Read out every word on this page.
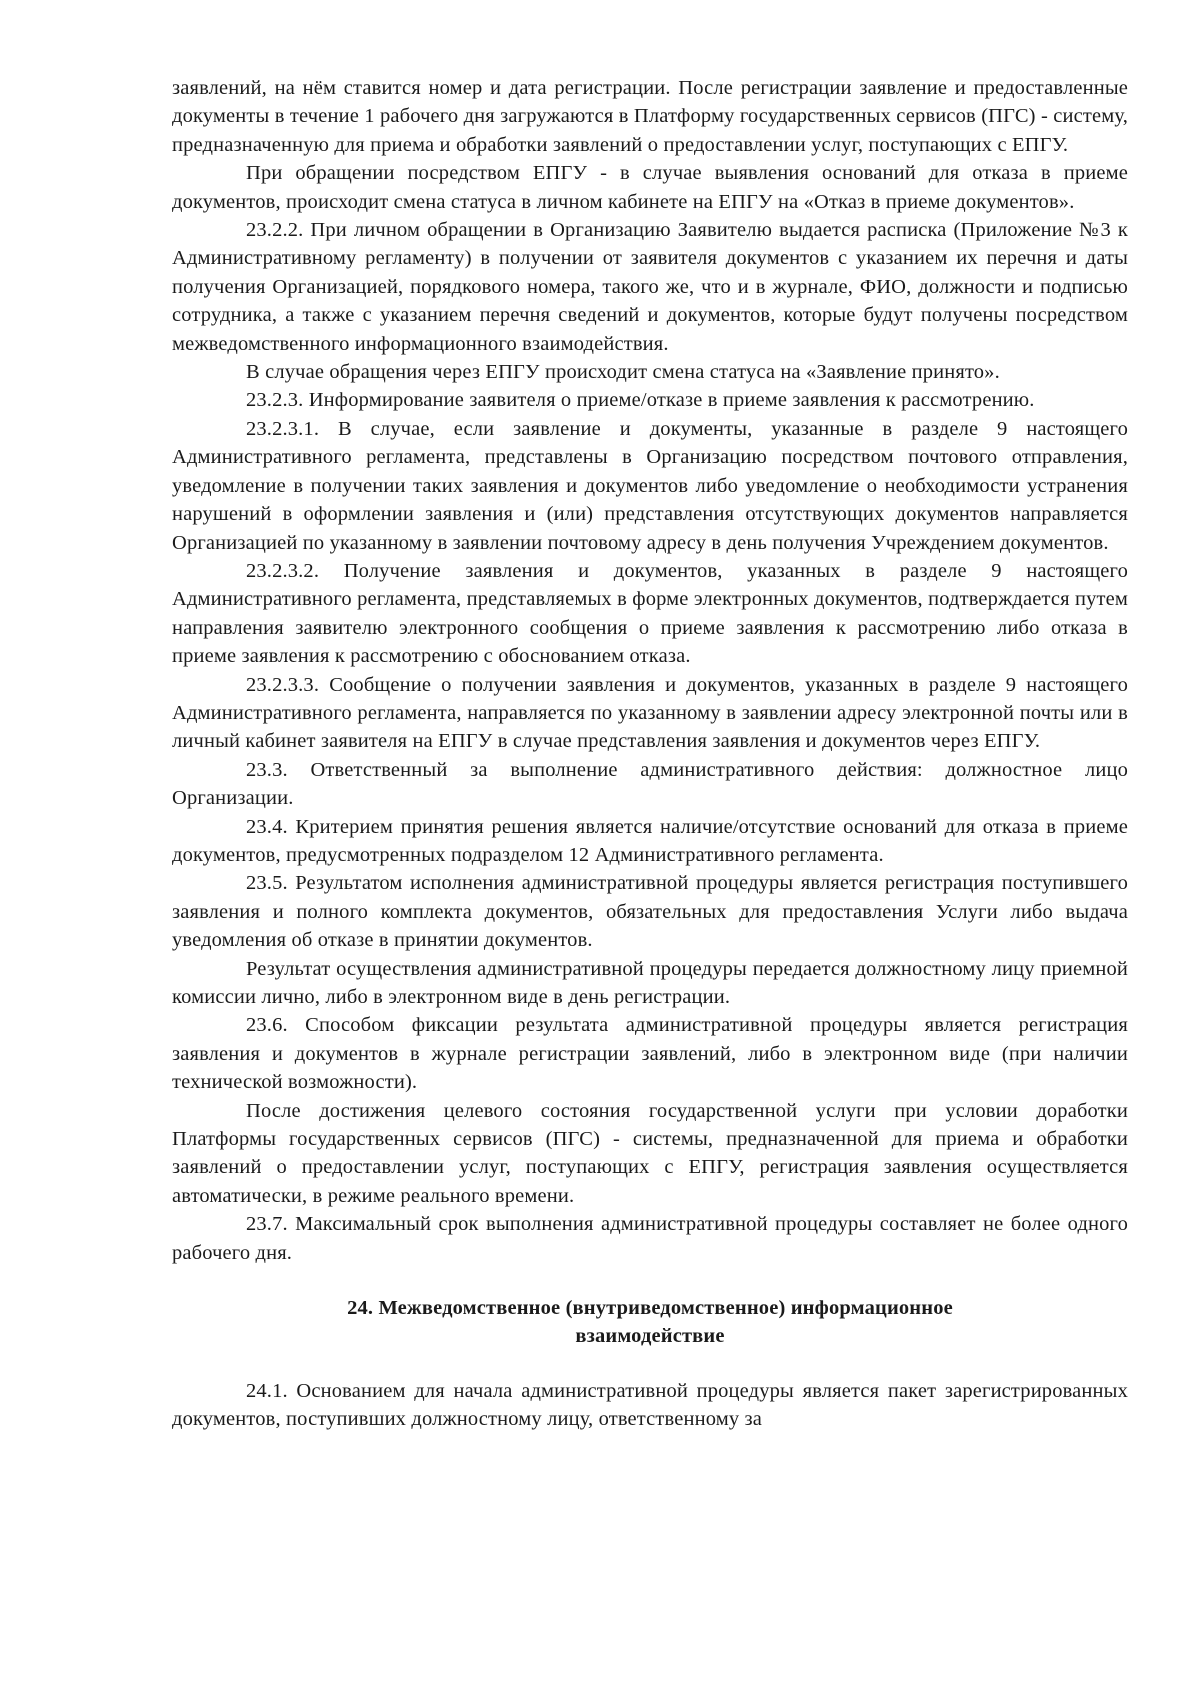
заявлений, на нём ставится номер и дата регистрации. После регистрации заявление и предоставленные документы в течение 1 рабочего дня загружаются в Платформу государственных сервисов (ПГС) - систему, предназначенную для приема и обработки заявлений о предоставлении услуг, поступающих с ЕПГУ.

При обращении посредством ЕПГУ - в случае выявления оснований для отказа в приеме документов, происходит смена статуса в личном кабинете на ЕПГУ на «Отказ в приеме документов».

23.2.2. При личном обращении в Организацию Заявителю выдается расписка (Приложение №3 к Административному регламенту) в получении от заявителя документов с указанием их перечня и даты получения Организацией, порядкового номера, такого же, что и в журнале, ФИО, должности и подписью сотрудника, а также с указанием перечня сведений и документов, которые будут получены посредством межведомственного информационного взаимодействия.

В случае обращения через ЕПГУ происходит смена статуса на «Заявление принято».

23.2.3. Информирование заявителя о приеме/отказе в приеме заявления к рассмотрению.

23.2.3.1. В случае, если заявление и документы, указанные в разделе 9 настоящего Административного регламента, представлены в Организацию посредством почтового отправления, уведомление в получении таких заявления и документов либо уведомление о необходимости устранения нарушений в оформлении заявления и (или) представления отсутствующих документов направляется Организацией по указанному в заявлении почтовому адресу в день получения Учреждением документов.

23.2.3.2. Получение заявления и документов, указанных в разделе 9 настоящего Административного регламента, представляемых в форме электронных документов, подтверждается путем направления заявителю электронного сообщения о приеме заявления к рассмотрению либо отказа в приеме заявления к рассмотрению с обоснованием отказа.

23.2.3.3. Сообщение о получении заявления и документов, указанных в разделе 9 настоящего Административного регламента, направляется по указанному в заявлении адресу электронной почты или в личный кабинет заявителя на ЕПГУ в случае представления заявления и документов через ЕПГУ.

23.3. Ответственный за выполнение административного действия: должностное лицо Организации.

23.4. Критерием принятия решения является наличие/отсутствие оснований для отказа в приеме документов, предусмотренных подразделом 12 Административного регламента.

23.5. Результатом исполнения административной процедуры является регистрация поступившего заявления и полного комплекта документов, обязательных для предоставления Услуги либо выдача уведомления об отказе в принятии документов.

Результат осуществления административной процедуры передается должностному лицу приемной комиссии лично, либо в электронном виде в день регистрации.

23.6. Способом фиксации результата административной процедуры является регистрация заявления и документов в журнале регистрации заявлений, либо в электронном виде (при наличии технической возможности).

После достижения целевого состояния государственной услуги при условии доработки Платформы государственных сервисов (ПГС) - системы, предназначенной для приема и обработки заявлений о предоставлении услуг, поступающих с ЕПГУ, регистрация заявления осуществляется автоматически, в режиме реального времени.

23.7. Максимальный срок выполнения административной процедуры составляет не более одного рабочего дня.

24. Межведомственное (внутриведомственное) информационное
взаимодействие

24.1. Основанием для начала административной процедуры является пакет зарегистрированных документов, поступивших должностному лицу, ответственному за
